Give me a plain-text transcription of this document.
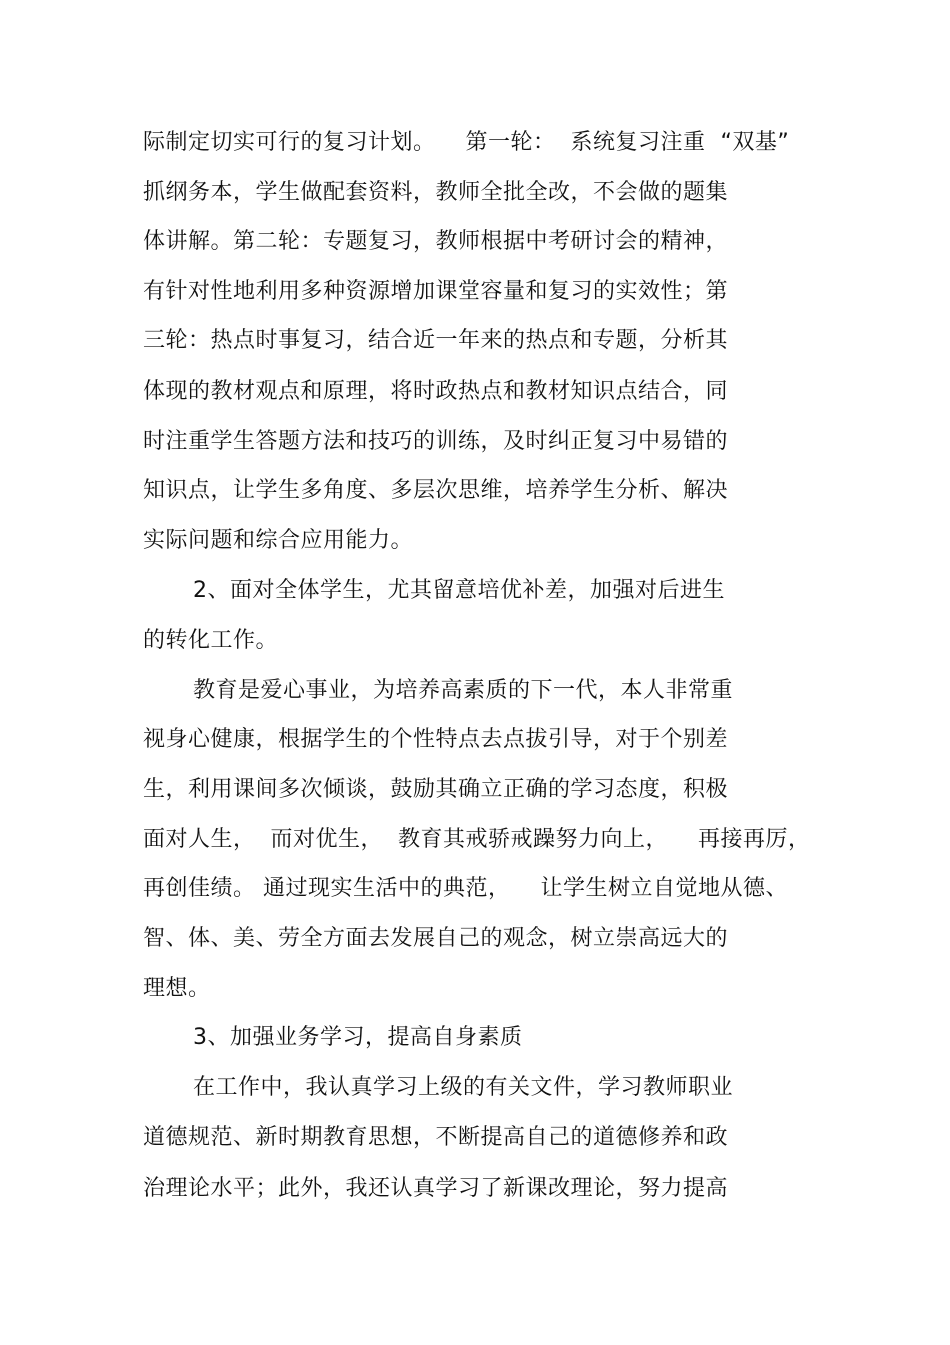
际制定切实可行的复习计划。    第一轮：  系统复习注重  “双基”
抓纲务本，学生做配套资料，教师全批全改，不会做的题集
体讲解。第二轮：专题复习，教师根据中考研讨会的精神，
有针对性地利用多种资源增加课堂容量和复习的实效性；第
三轮：热点时事复习，结合近一年来的热点和专题，分析其
体现的教材观点和原理，将时政热点和教材知识点结合，同
时注重学生答题方法和技巧的训练，及时纠正复习中易错的
知识点，让学生多角度、多层次思维，培养学生分析、解决
实际问题和综合应用能力。
2、面对全体学生，尤其留意培优补差，加强对后进生
的转化工作。
教育是爱心事业，为培养高素质的下一代，本人非常重
视身心健康，根据学生的个性特点去点拔引导，对于个别差
生，利用课间多次倾谈，鼓励其确立正确的学习态度，积极
面对人生，  而对优生，  教育其戒骄戒躁努力向上，    再接再厉，
再创佳绩。 通过现实生活中的典范，    让学生树立自觉地从德、
智、体、美、劳全方面去发展自己的观念，树立崇高远大的
理想。
3、加强业务学习，提高自身素质
在工作中，我认真学习上级的有关文件，学习教师职业
道德规范、新时期教育思想，不断提高自己的道德修养和政
治理论水平；此外，我还认真学习了新课改理论，努力提高
